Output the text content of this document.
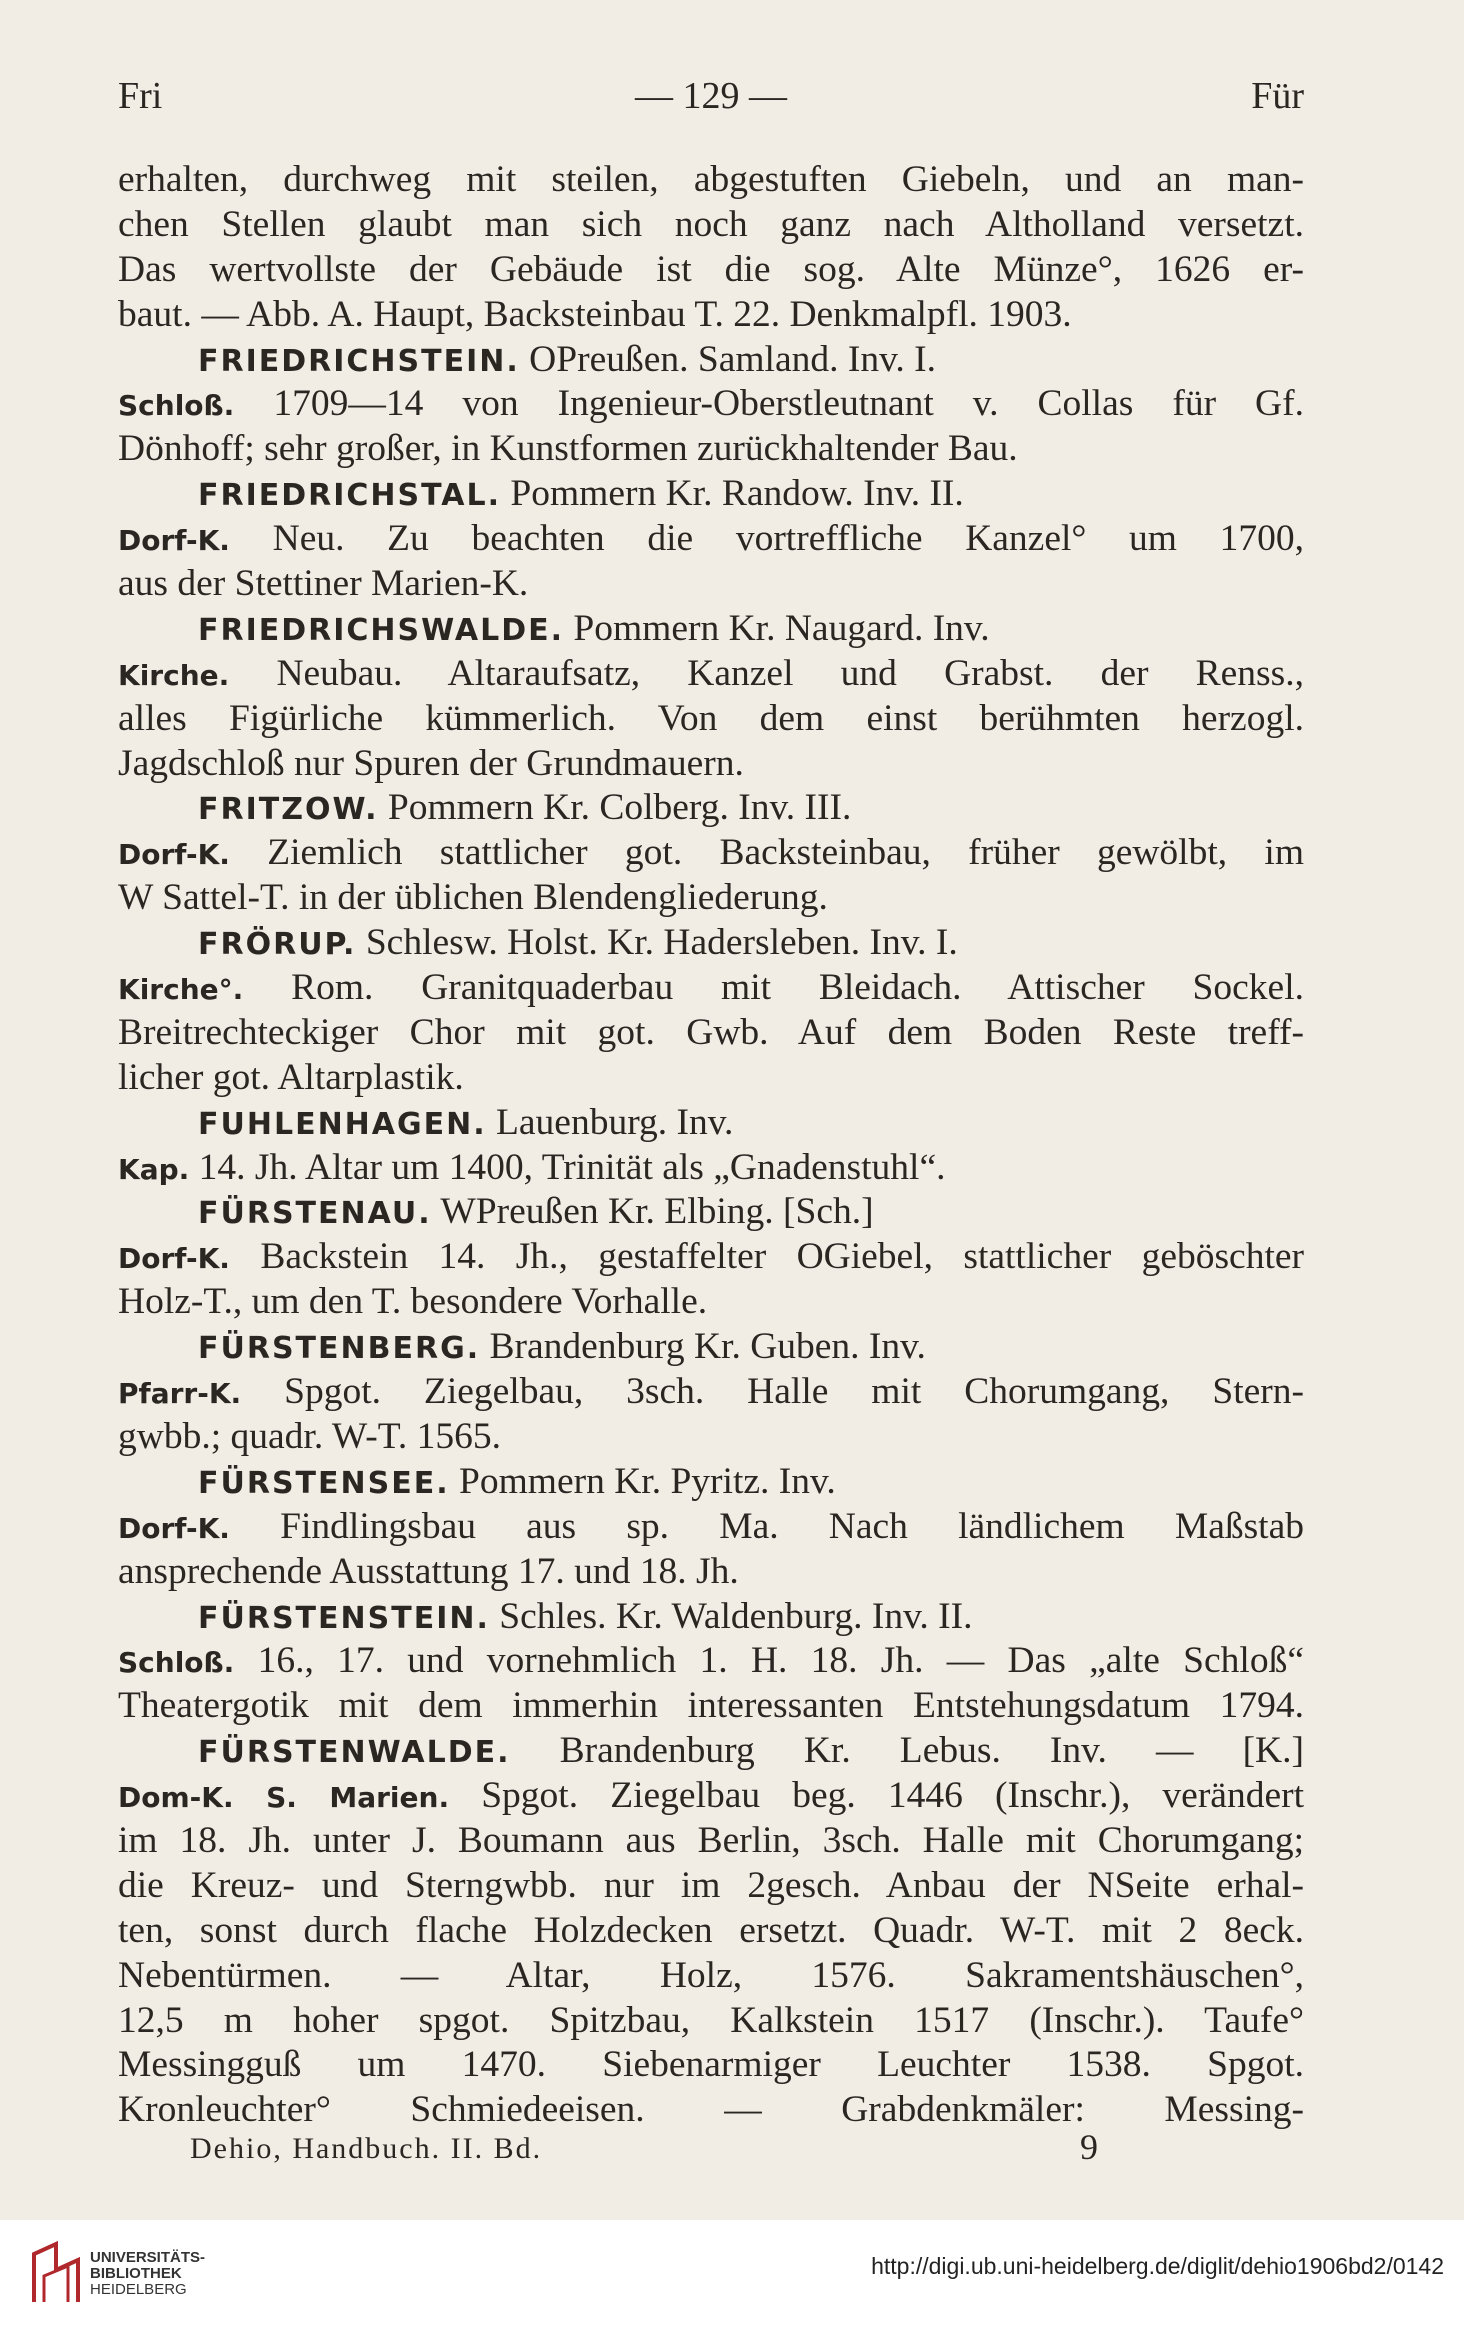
Fri	— 129 —	Für
erhalten, durchweg mit steilen, abgestuften Giebeln, und an man-
chen Stellen glaubt man sich noch ganz nach Altholland versetzt.
Das wertvollste der Gebäude ist die sog. Alte Münze°, 1626 er-
baut. — Abb. A. Haupt, Backsteinbau T. 22. Denkmalpfl. 1903.
FRIEDRICHSTEIN. OPreußen. Samland. Inv. I.
Schloß. 1709—14 von Ingenieur-Oberstleutnant v. Collas für Gf.
Dönhoff; sehr großer, in Kunstformen zurückhaltender Bau.
FRIEDRICHSTAL. Pommern Kr. Randow. Inv. II.
Dorf-K. Neu. Zu beachten die vortreffliche Kanzel° um 1700,
aus der Stettiner Marien-K.
FRIEDRICHSWALDE. Pommern Kr. Naugard. Inv.
Kirche. Neubau. Altaraufsatz, Kanzel und Grabst. der Renss.,
alles Figürliche kümmerlich. Von dem einst berühmten herzogl.
Jagdschloß nur Spuren der Grundmauern.
FRITZOW. Pommern Kr. Colberg. Inv. III.
Dorf-K. Ziemlich stattlicher got. Backsteinbau, früher gewölbt, im
W Sattel-T. in der üblichen Blendengliederung.
FRÖRUP. Schlesw. Holst. Kr. Hadersleben. Inv. I.
Kirche°. Rom. Granitquaderbau mit Bleidach. Attischer Sockel.
Breitrechteckiger Chor mit got. Gwb. Auf dem Boden Reste treff-
licher got. Altarplastik.
FUHLENHAGEN. Lauenburg. Inv.
Kap. 14. Jh. Altar um 1400, Trinität als „Gnadenstuhl“.
FÜRSTENAU. WPreußen Kr. Elbing. [Sch.]
Dorf-K. Backstein 14. Jh., gestaffelter OGiebel, stattlicher geböschter
Holz-T., um den T. besondere Vorhalle.
FÜRSTENBERG. Brandenburg Kr. Guben. Inv.
Pfarr-K. Spgot. Ziegelbau, 3sch. Halle mit Chorumgang, Stern-
gwbb.; quadr. W-T. 1565.
FÜRSTENSEE. Pommern Kr. Pyritz. Inv.
Dorf-K. Findlingsbau aus sp. Ma. Nach ländlichem Maßstab
ansprechende Ausstattung 17. und 18. Jh.
FÜRSTENSTEIN. Schles. Kr. Waldenburg. Inv. II.
Schloß. 16., 17. und vornehmlich 1. H. 18. Jh. — Das „alte Schloß“
Theatergotik mit dem immerhin interessanten Entstehungsdatum 1794.
FÜRSTENWALDE. Brandenburg Kr. Lebus. Inv. — [K.]
Dom-K. S. Marien. Spgot. Ziegelbau beg. 1446 (Inschr.), verändert
im 18. Jh. unter J. Boumann aus Berlin, 3sch. Halle mit Chorumgang;
die Kreuz- und Sterngwbb. nur im 2gesch. Anbau der NSeite erhal-
ten, sonst durch flache Holzdecken ersetzt. Quadr. W-T. mit 2 8eck.
Nebentürmen. — Altar, Holz, 1576. Sakramentshäuschen°,
12,5 m hoher spgot. Spitzbau, Kalkstein 1517 (Inschr.). Taufe°
Messingguß um 1470. Siebenarmiger Leuchter 1538. Spgot.
Kronleuchter° Schmiedeeisen. — Grabdenkmäler: Messing-
Dehio, Handbuch. II. Bd.	9
UNIVERSITÄTS-
BIBLIOTHEK
HEIDELBERG
http://digi.ub.uni-heidelberg.de/diglit/dehio1906bd2/0142
